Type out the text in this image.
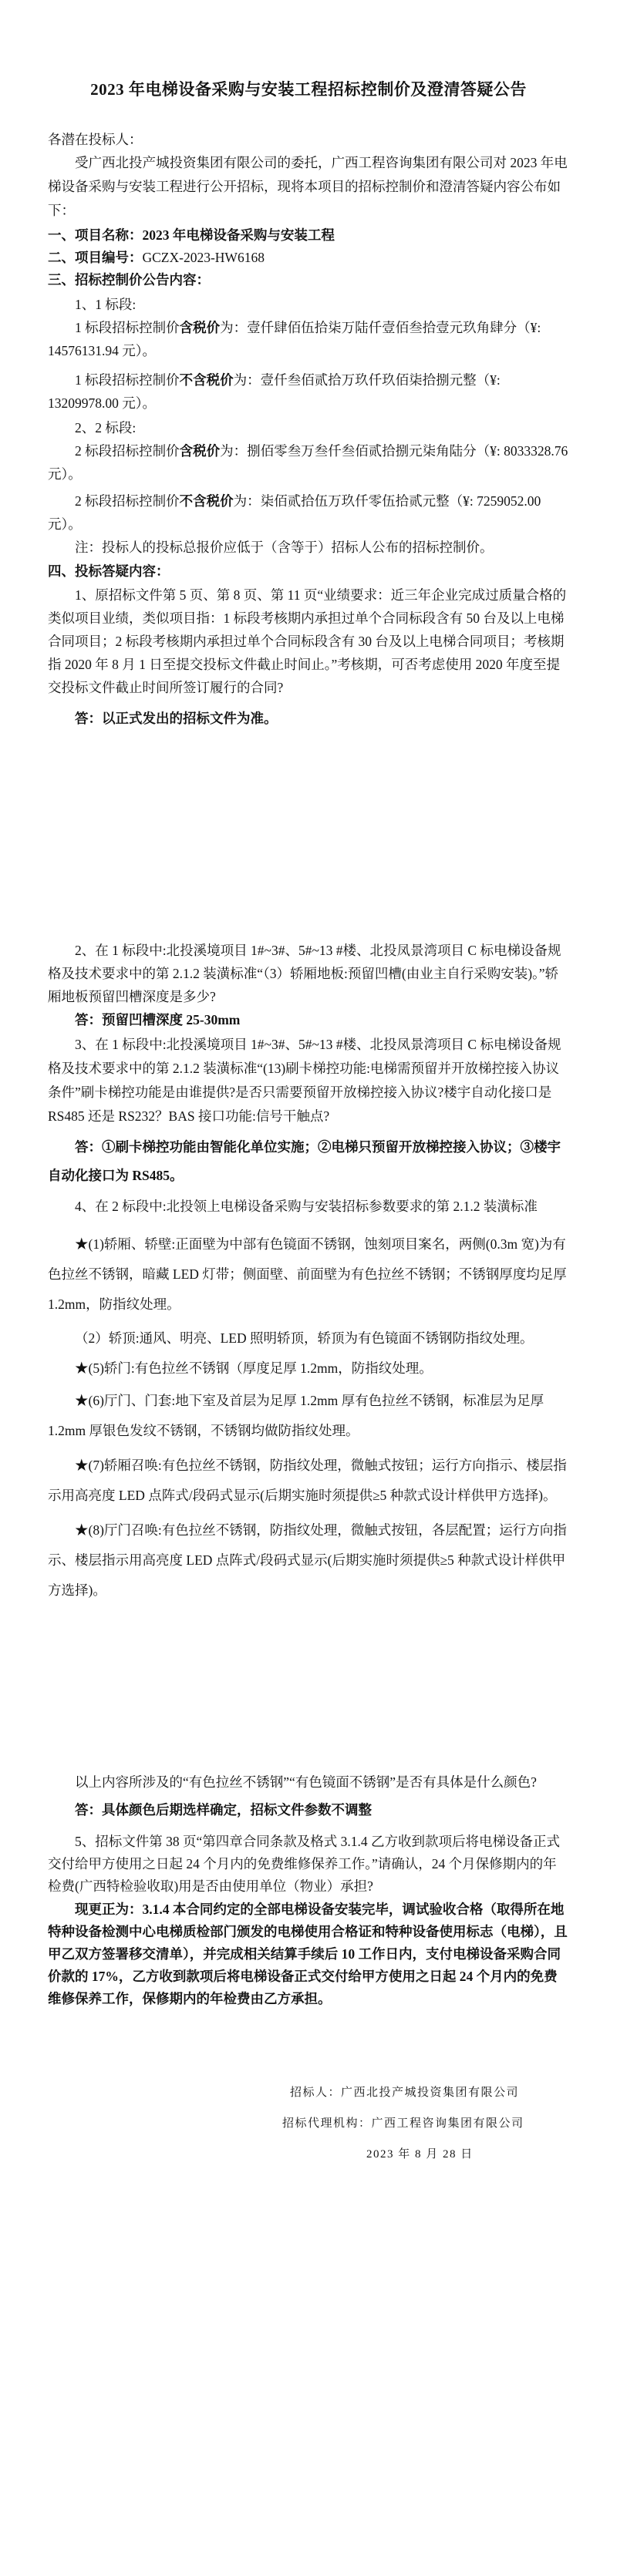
2023 年电梯设备采购与安装工程招标控制价及澄清答疑公告

各潜在投标人：

受广西北投产城投资集团有限公司的委托，广西工程咨询集团有限公司对 2023 年电梯设备采购与安装工程进行公开招标，现将本项目的招标控制价和澄清答疑内容公布如下：

一、项目名称：2023 年电梯设备采购与安装工程

二、项目编号：GCZX-2023-HW6168

三、招标控制价公告内容：

1、1 标段:

1 标段招标控制价含税价为：壹仟肆佰伍拾柒万陆仟壹佰叁拾壹元玖角肆分（¥: 14576131.94 元）。

1 标段招标控制价不含税价为：壹仟叁佰贰拾万玖仟玖佰柒拾捌元整（¥: 13209978.00 元）。

2、2 标段:

2 标段招标控制价含税价为：捌佰零叁万叁仟叁佰贰拾捌元柒角陆分（¥: 8033328.76 元）。

2 标段招标控制价不含税价为：柒佰贰拾伍万玖仟零伍拾贰元整（¥: 7259052.00 元）。

注：投标人的投标总报价应低于（含等于）招标人公布的招标控制价。

四、投标答疑内容：

1、原招标文件第 5 页、第 8 页、第 11 页“业绩要求：近三年企业完成过质量合格的类似项目业绩，类似项目指：1 标段考核期内承担过单个合同标段含有 50 台及以上电梯合同项目；2 标段考核期内承担过单个合同标段含有 30 台及以上电梯合同项目；考核期指 2020 年 8 月 1 日至提交投标文件截止时间止。”考核期，可否考虑使用 2020 年度至提交投标文件截止时间所签订履行的合同?

答：以正式发出的招标文件为准。

2、在 1 标段中:北投溪境项目 1#~3#、5#~13 #楼、北投凤景湾项目 C 标电梯设备规格及技术要求中的第 2.1.2 装潢标准“（3）轿厢地板:预留凹槽(由业主自行采购安装)。”轿厢地板预留凹槽深度是多少?

答：预留凹槽深度 25-30mm

3、在 1 标段中:北投溪境项目 1#~3#、5#~13 #楼、北投凤景湾项目 C 标电梯设备规格及技术要求中的第 2.1.2 装潢标准“(13)刷卡梯控功能:电梯需预留并开放梯控接入协议条件”刷卡梯控功能是由谁提供?是否只需要预留开放梯控接入协议?楼宇自动化接口是 RS485 还是 RS232？BAS 接口功能:信号干触点?

答：①刷卡梯控功能由智能化单位实施；②电梯只预留开放梯控接入协议；③楼宇自动化接口为 RS485。

4、在 2 标段中:北投领上电梯设备采购与安装招标参数要求的第 2.1.2 装潢标准

★(1)轿厢、轿壁:正面壁为中部有色镜面不锈钢，蚀刻项目案名，两侧(0.3m 宽)为有色拉丝不锈钢，暗藏 LED 灯带；侧面壁、前面壁为有色拉丝不锈钢；不锈钢厚度均足厚 1.2mm，防指纹处理。

（2）轿顶:通风、明亮、LED 照明轿顶，轿顶为有色镜面不锈钢防指纹处理。

★(5)轿门:有色拉丝不锈钢（厚度足厚 1.2mm，防指纹处理。

★(6)厅门、门套:地下室及首层为足厚 1.2mm 厚有色拉丝不锈钢，标准层为足厚 1.2mm 厚银色发纹不锈钢，不锈钢均做防指纹处理。

★(7)轿厢召唤:有色拉丝不锈钢，防指纹处理，微触式按钮；运行方向指示、楼层指示用高亮度 LED 点阵式/段码式显示(后期实施时须提供≥5 种款式设计样供甲方选择)。

★(8)厅门召唤:有色拉丝不锈钢，防指纹处理，微触式按钮，各层配置；运行方向指示、楼层指示用高亮度 LED 点阵式/段码式显示(后期实施时须提供≥5 种款式设计样供甲方选择)。

以上内容所涉及的“有色拉丝不锈钢”“有色镜面不锈钢”是否有具体是什么颜色?

答：具体颜色后期选样确定，招标文件参数不调整

5、招标文件第 38 页“第四章合同条款及格式 3.1.4 乙方收到款项后将电梯设备正式交付给甲方使用之日起 24 个月内的免费维修保养工作。”请确认，24 个月保修期内的年检费(广西特检验收取)用是否由使用单位（物业）承担?

现更正为：3.1.4 本合同约定的全部电梯设备安装完毕，调试验收合格（取得所在地特种设备检测中心电梯质检部门颁发的电梯使用合格证和特种设备使用标志（电梯），且甲乙双方签署移交清单），并完成相关结算手续后 10 工作日内，支付电梯设备采购合同价款的 17%，乙方收到款项后将电梯设备正式交付给甲方使用之日起 24 个月内的免费维修保养工作，保修期内的年检费由乙方承担。

招标人：广西北投产城投资集团有限公司

招标代理机构：广西工程咨询集团有限公司

2023 年 8 月 28 日
